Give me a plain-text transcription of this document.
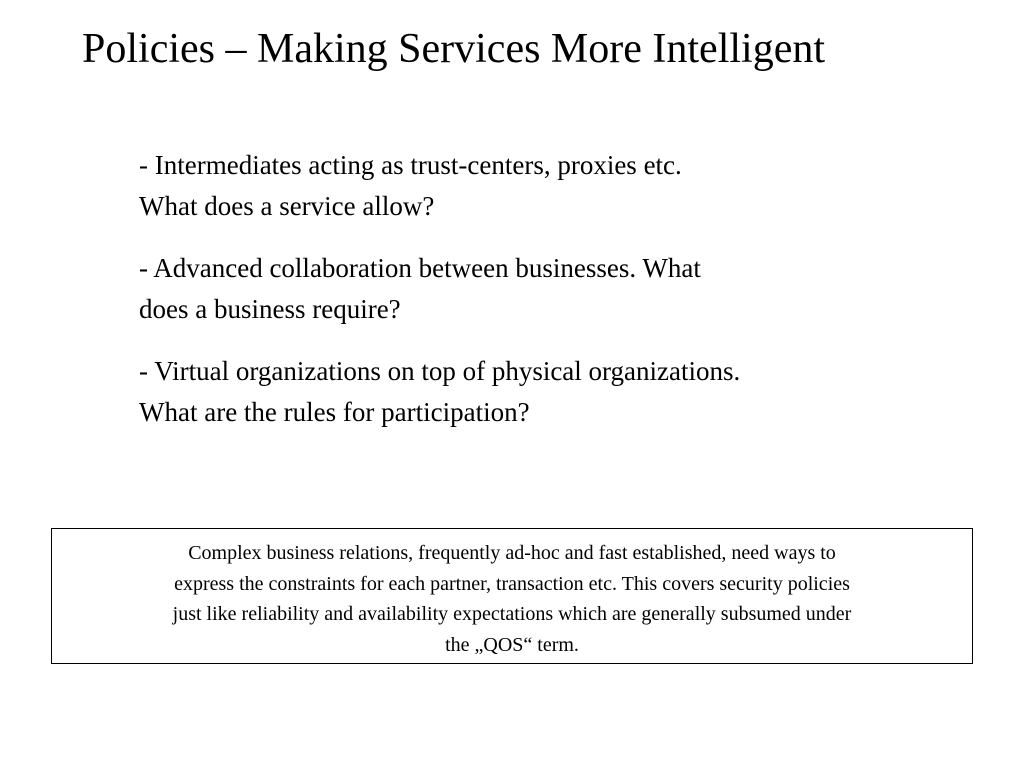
Policies – Making Services More Intelligent
- Intermediates acting as trust-centers, proxies etc.
What does a service allow?
- Advanced collaboration between businesses. What
does a business require?
- Virtual organizations on top of physical organizations.
What are the rules for participation?
Complex business relations, frequently ad-hoc and fast established, need ways to
express the constraints for each partner, transaction etc. This covers security policies
just like reliability and availability expectations which are generally subsumed under
the „QOS“ term.
